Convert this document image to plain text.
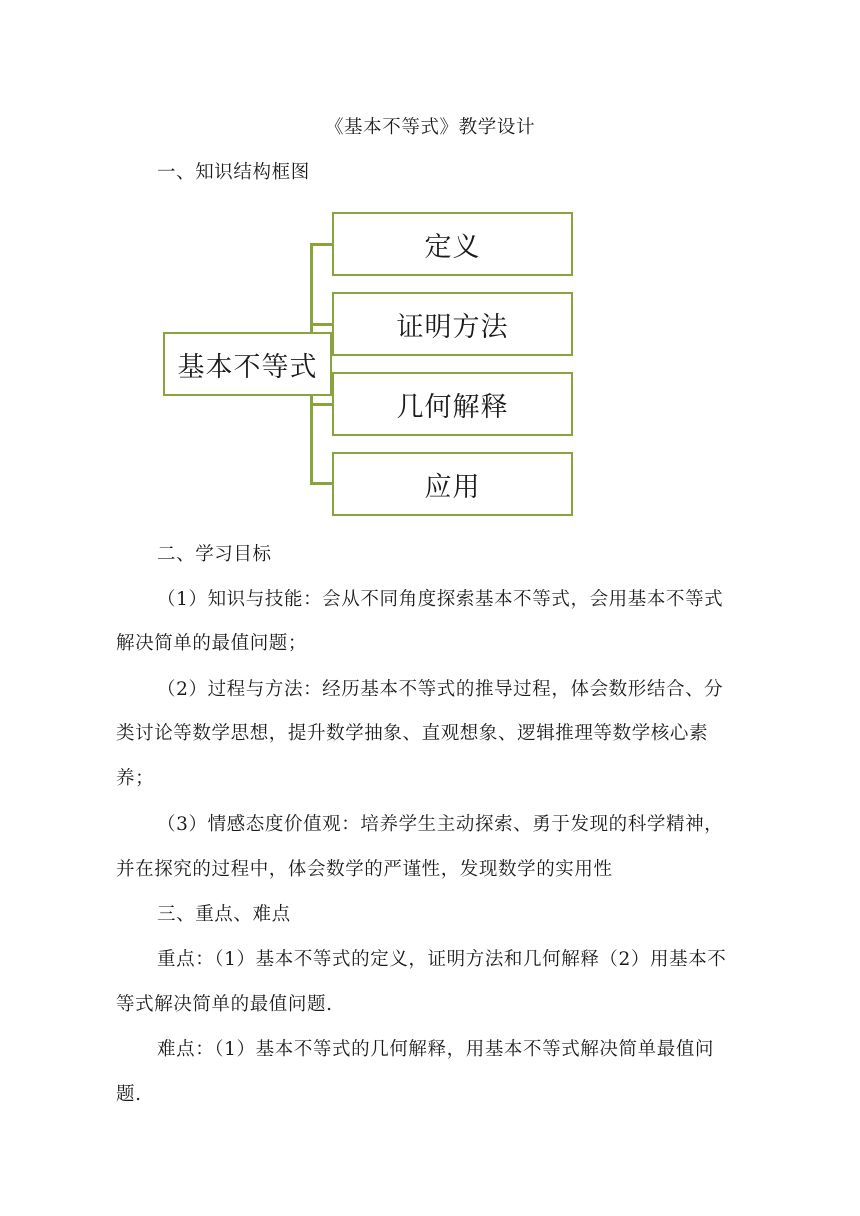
《基本不等式》教学设计
一、知识结构框图
基本不等式
定义
证明方法
几何解释
应用
二、学习目标
（1）知识与技能：会从不同角度探索基本不等式，会用基本不等式
解决简单的最值问题；
（2）过程与方法：经历基本不等式的推导过程，体会数形结合、分
类讨论等数学思想，提升数学抽象、直观想象、逻辑推理等数学核心素
养；
（3）情感态度价值观：培养学生主动探索、勇于发现的科学精神，
并在探究的过程中，体会数学的严谨性，发现数学的实用性
三、重点、难点
重点：（1）基本不等式的定义，证明方法和几何解释（2）用基本不
等式解决简单的最值问题.
难点：（1）基本不等式的几何解释，用基本不等式解决简单最值问
题.
